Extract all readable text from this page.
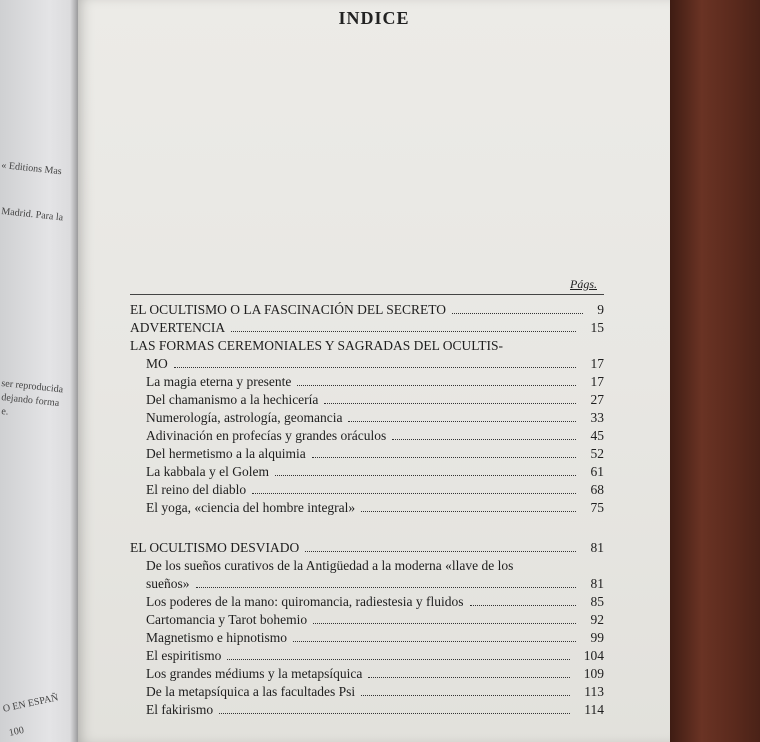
« Editions Mas
Madrid. Para la
ser reproducida
dejando forma
e.
O EN ESPAÑ
100
INDICE
Págs.
EL OCULTISMO O LA FASCINACIÓN DEL SECRETO	9
ADVERTENCIA	15
LAS FORMAS CEREMONIALES Y SAGRADAS DEL OCULTIS-
MO	17
La magia eterna y presente	17
Del chamanismo a la hechicería	27
Numerología, astrología, geomancia	33
Adivinación en profecías y grandes oráculos	45
Del hermetismo a la alquimia	52
La kabbala y el Golem	61
El reino del diablo	68
El yoga, «ciencia del hombre integral»	75
EL OCULTISMO DESVIADO	81
De los sueños curativos de la Antigüedad a la moderna «llave de los
sueños»	81
Los poderes de la mano: quiromancia, radiestesia y fluidos	85
Cartomancia y Tarot bohemio	92
Magnetismo e hipnotismo	99
El espiritismo	104
Los grandes médiums y la metapsíquica	109
De la metapsíquica a las facultades Psi	113
El fakirismo	114
